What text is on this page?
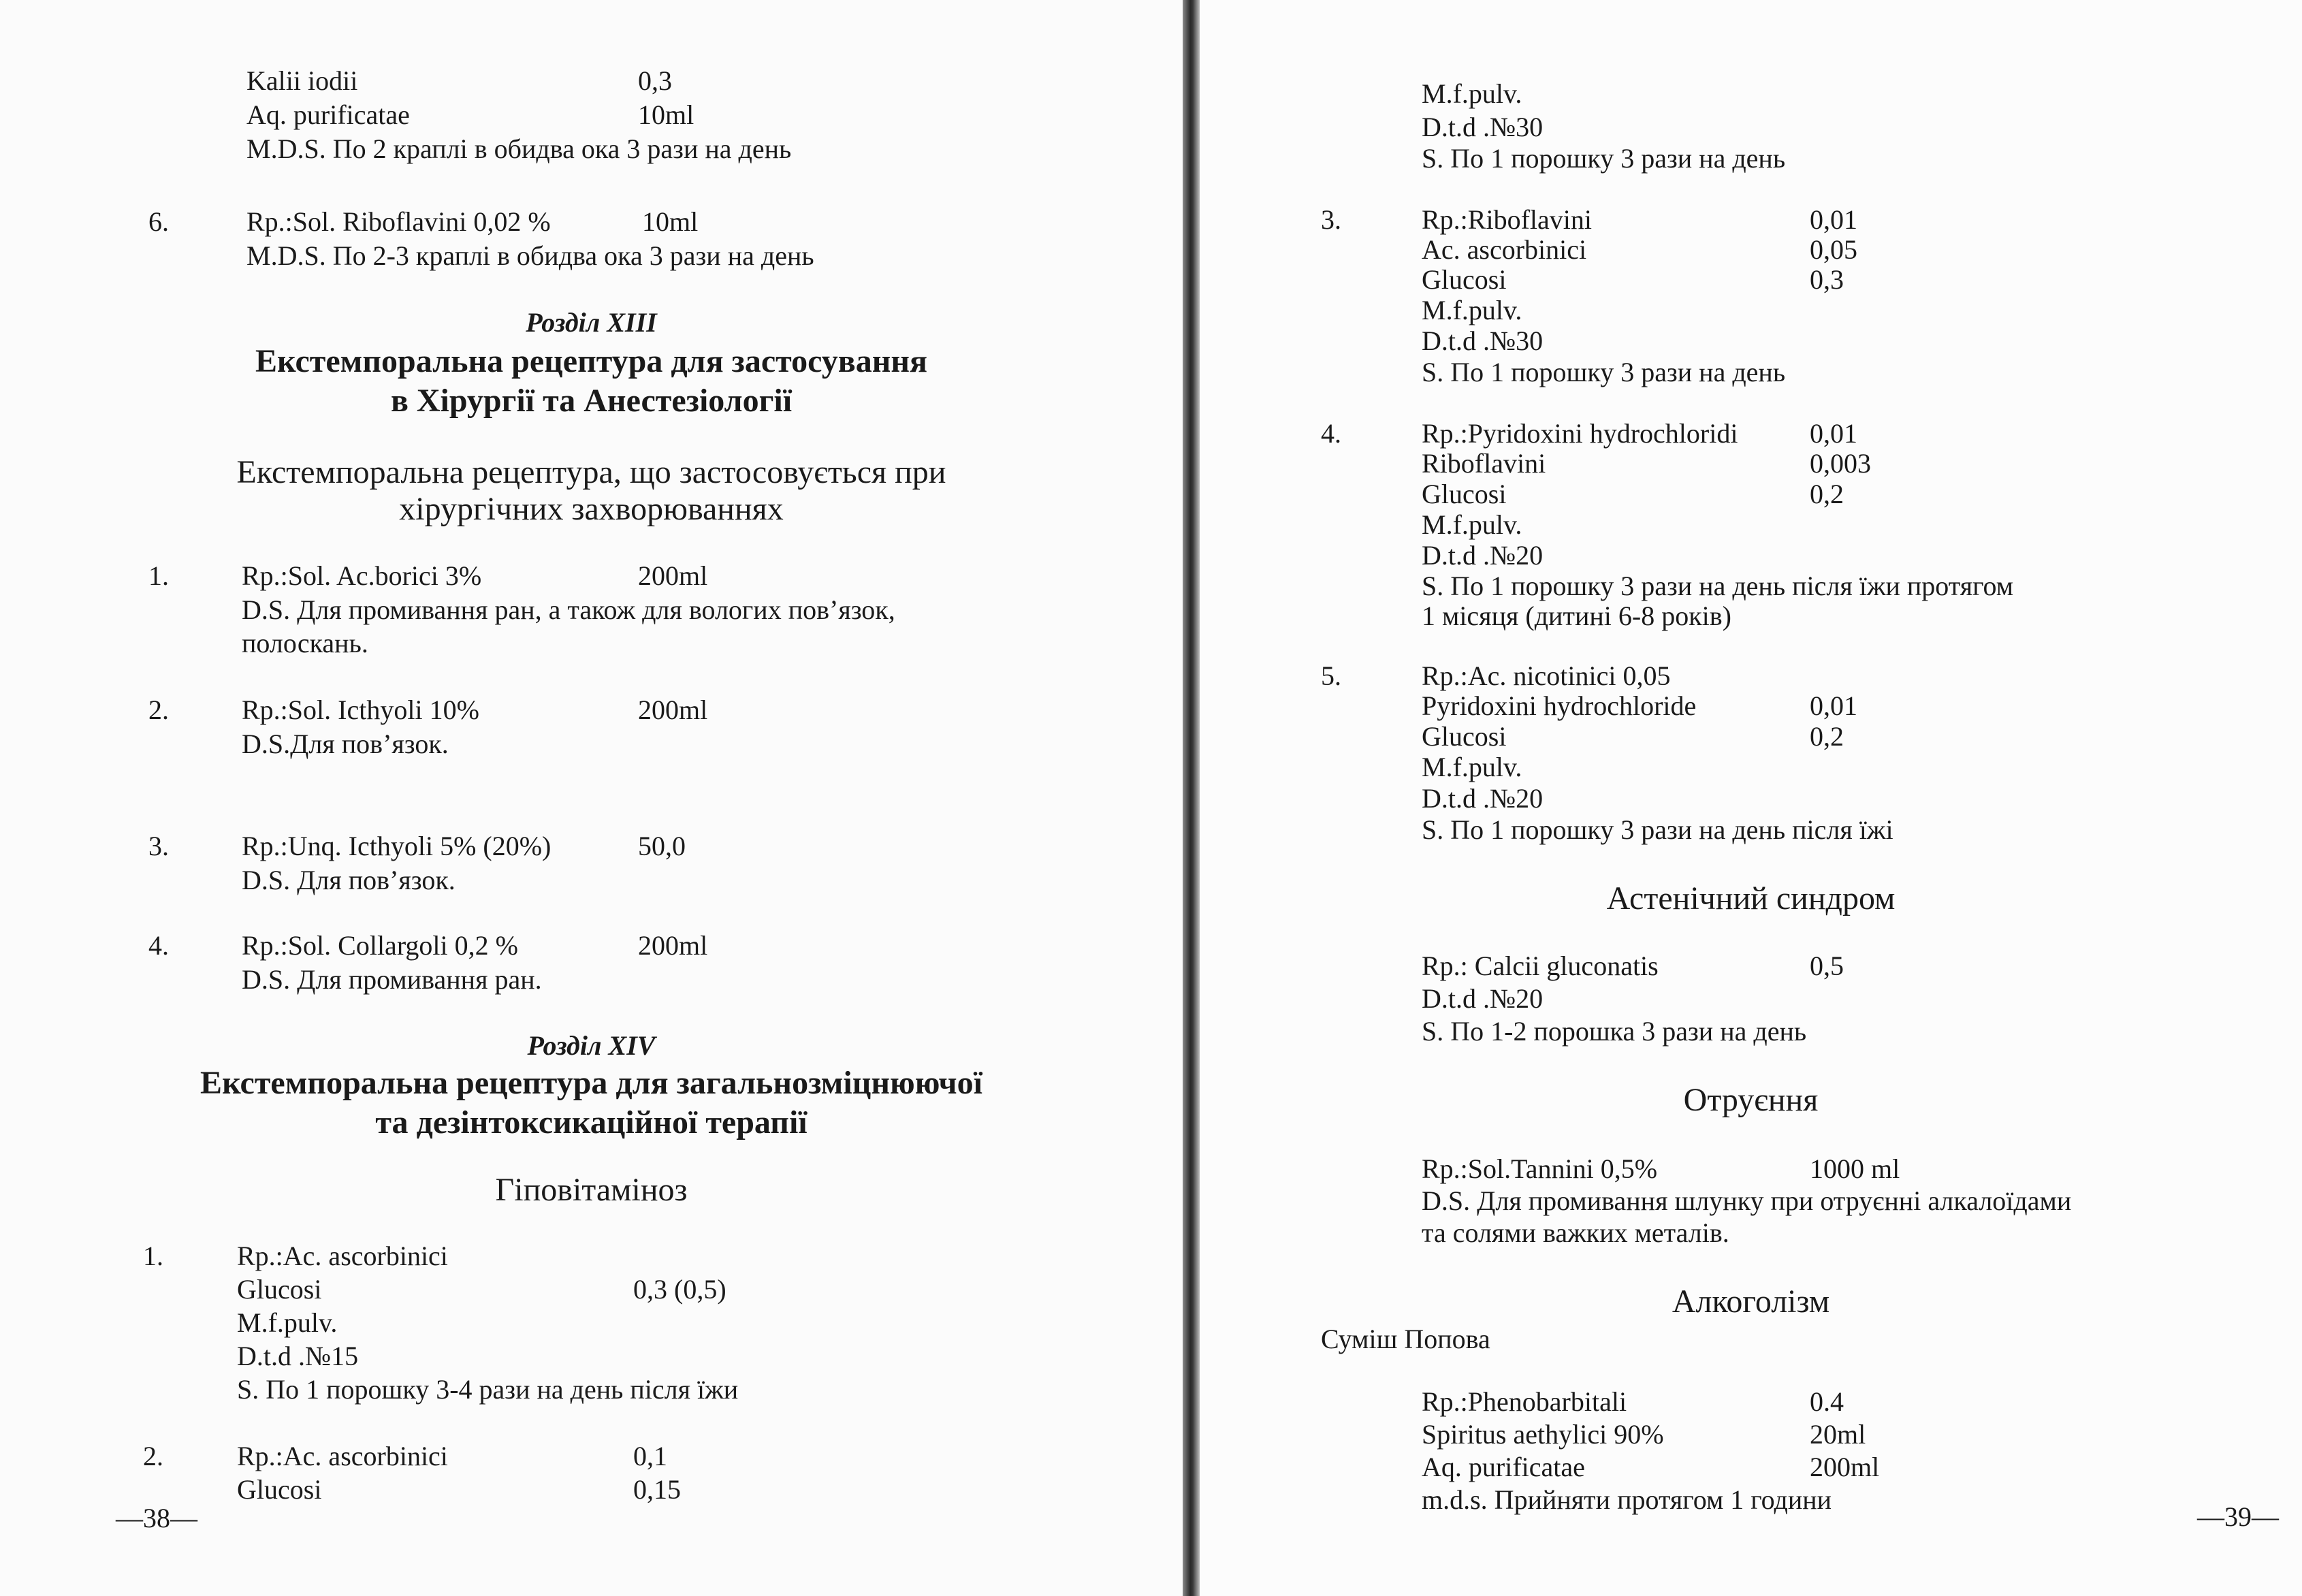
Kalii iodii	0,3
Aq. purificatae	10ml
M.D.S. По 2 краплі в обидва ока 3 рази на день
6.	Rp.:Sol. Riboflavini 0,02 %	10ml
M.D.S. По 2-3 краплі в обидва ока 3 рази на день
Розділ XIII
Екстемпоральна рецептура для застосування
в Хірургії та Анестезіології
Екстемпоральна рецептура, що застосовується при
хірургічних захворюваннях
1.	Rp.:Sol. Ac.borici 3%	200ml
D.S. Для промивання ран, а також для вологих пов’язок,
полоскань.
2.	Rp.:Sol. Icthyoli 10%	200ml
D.S.Для пов’язок.
3.	Rp.:Unq. Icthyoli 5% (20%)	50,0
D.S. Для пов’язок.
4.	Rp.:Sol. Collargoli 0,2 %	200ml
D.S. Для промивання ран.
Розділ XIV
Екстемпоральна рецептура для загальнозміцнюючої
та дезінтоксикаційної терапії
Гіповітаміноз
1.	Rp.:Ac. ascorbinici
Glucosi	0,3 (0,5)
M.f.pulv.
D.t.d .№15
S. По 1 порошку 3-4 рази на день після їжи
2.	Rp.:Ac. ascorbinici	0,1
Glucosi	0,15
—38—
M.f.pulv.
D.t.d .№30
S. По 1 порошку 3 рази на день
3.	Rp.:Riboflavini	0,01
Ac. ascorbinici	0,05
Glucosi	0,3
M.f.pulv.
D.t.d .№30
S. По 1 порошку 3 рази на день
4.	Rp.:Pyridoxini hydrochloridi	0,01
Riboflavini	0,003
Glucosi	0,2
M.f.pulv.
D.t.d .№20
S. По 1 порошку 3 рази на день після їжи протягом
1 місяця (дитині 6-8 років)
5.	Rp.:Ac. nicotinici 0,05
Pyridoxini hydrochloride	0,01
Glucosi	0,2
M.f.pulv.
D.t.d .№20
S. По 1 порошку 3 рази на день після їжі
Астенічний синдром
Rp.: Calcii gluconatis	0,5
D.t.d .№20
S. По 1-2 порошка 3 рази на день
Отруєння
Rp.:Sol.Tannini 0,5%	1000 ml
D.S. Для промивання шлунку при отруєнні алкалоїдами
та солями важких металів.
Алкоголізм
Суміш Попова
Rp.:Phenobarbitali	0.4
Spiritus aethylici 90%	20ml
Aq. purificatae	200ml
m.d.s. Прийняти протягом 1 години
—39—
